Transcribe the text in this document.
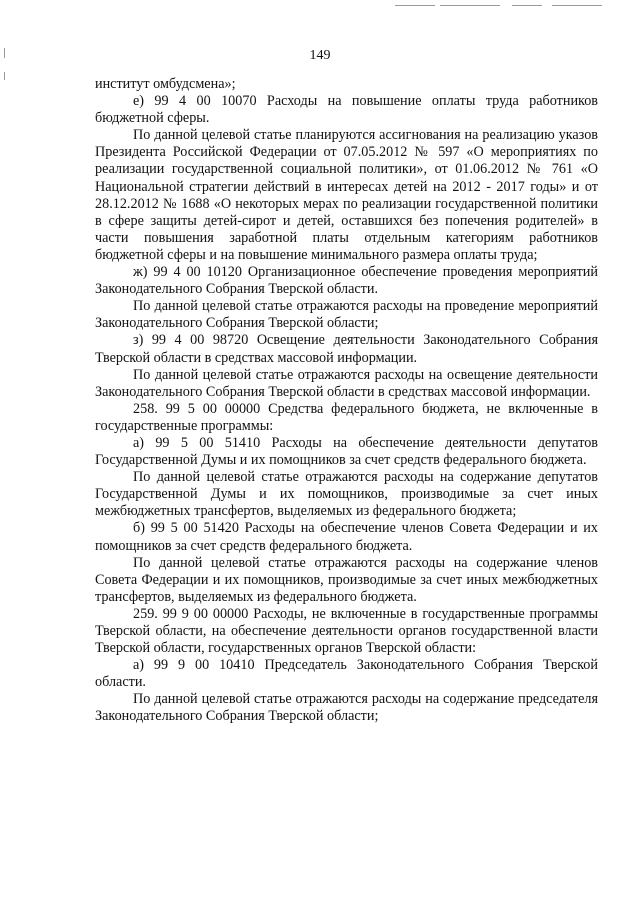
149

институт омбудсмена»;

е) 99 4 00 10070 Расходы на повышение оплаты труда работников бюджетной сферы.

По данной целевой статье планируются ассигнования на реализацию указов Президента Российской Федерации от 07.05.2012 № 597 «О мероприятиях по реализации государственной социальной политики», от 01.06.2012 № 761 «О Национальной стратегии действий в интересах детей на 2012 - 2017 годы» и от 28.12.2012 № 1688 «О некоторых мерах по реализации государственной политики в сфере защиты детей-сирот и детей, оставшихся без попечения родителей» в части повышения заработной платы отдельным категориям работников бюджетной сферы и на повышение минимального размера оплаты труда;

ж) 99 4 00 10120 Организационное обеспечение проведения мероприятий Законодательного Собрания Тверской области.

По данной целевой статье отражаются расходы на проведение мероприятий Законодательного Собрания Тверской области;

з) 99 4 00 98720 Освещение деятельности Законодательного Собрания Тверской области в средствах массовой информации.

По данной целевой статье отражаются расходы на освещение деятельности Законодательного Собрания Тверской области в средствах массовой информации.

258. 99 5 00 00000 Средства федерального бюджета, не включенные в государственные программы:

а) 99 5 00 51410 Расходы на обеспечение деятельности депутатов Государственной Думы и их помощников за счет средств федерального бюджета.

По данной целевой статье отражаются расходы на содержание депутатов Государственной Думы и их помощников, производимые за счет иных межбюджетных трансфертов, выделяемых из федерального бюджета;

б) 99 5 00 51420 Расходы на обеспечение членов Совета Федерации и их помощников за счет средств федерального бюджета.

По данной целевой статье отражаются расходы на содержание членов Совета Федерации и их помощников, производимые за счет иных межбюджетных трансфертов, выделяемых из федерального бюджета.

259. 99 9 00 00000 Расходы, не включенные в государственные программы Тверской области, на обеспечение деятельности органов государственной власти Тверской области, государственных органов Тверской области:

а) 99 9 00 10410 Председатель Законодательного Собрания Тверской области.

По данной целевой статье отражаются расходы на содержание председателя Законодательного Собрания Тверской области;
